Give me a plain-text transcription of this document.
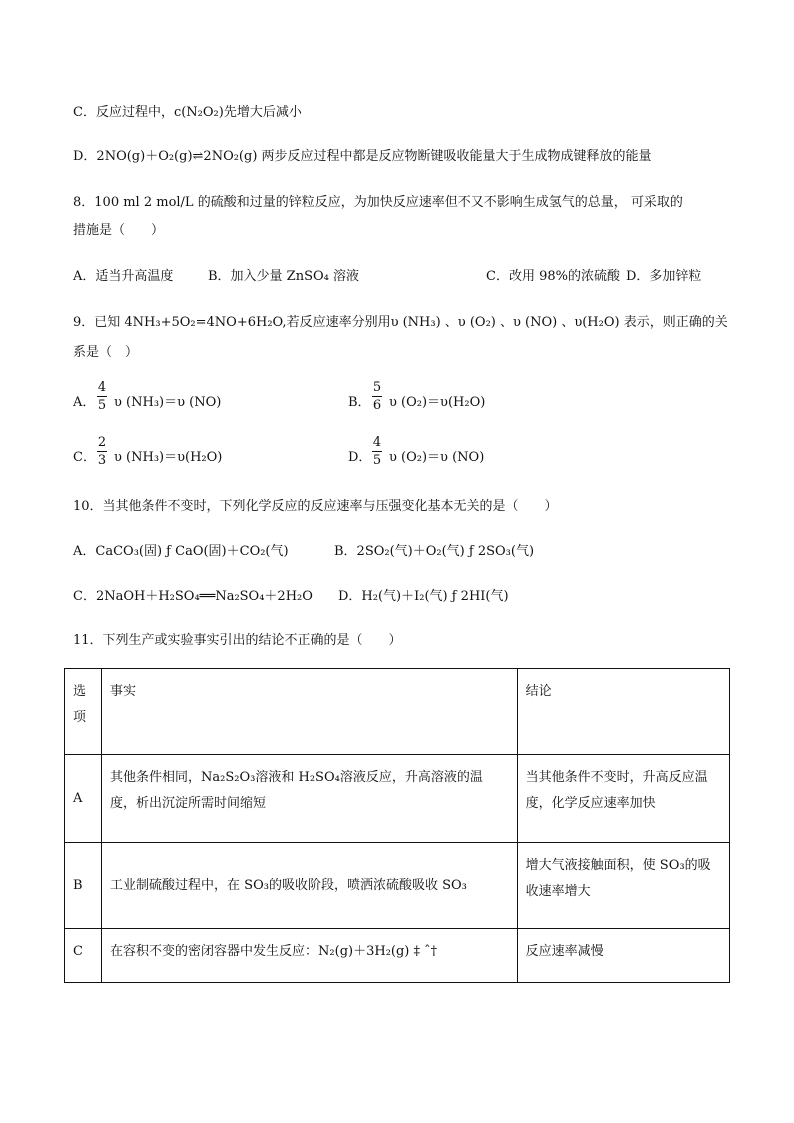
C．反应过程中，c(N₂O₂)先增大后减小
D．2NO(g)＋O₂(g)⇌2NO₂(g) 两步反应过程中都是反应物断键吸收能量大于生成物成键释放的能量
8．100 ml 2 mol/L 的硫酸和过量的锌粒反应，为加快反应速率但不又不影响生成氢气的总量， 可采取的
措施是（　　）
A．适当升高温度	B．加入少量 ZnSO₄ 溶液	C．改用 98%的浓硫酸 D．多加锌粒
9．已知 4NH₃+5O₂=4NO+6H₂O,若反应速率分别用υ (NH₃) 、υ (O₂) 、υ (NO) 、υ(H₂O) 表示，则正确的关
系是（　）
A．
4
5 υ (NH₃)＝υ (NO)	B．
5
6 υ (O₂)＝υ(H₂O)
C．
2
3 υ (NH₃)＝υ(H₂O)	D．
4
5 υ (O₂)＝υ (NO)
10．当其他条件不变时，下列化学反应的反应速率与压强变化基本无关的是（　　）
A．CaCO₃(固) ƒ CaO(固)＋CO₂(气)	B．2SO₂(气)＋O₂(气) ƒ 2SO₃(气)
C．2NaOH＋H₂SO₄══Na₂SO₄＋2H₂O D．H₂(气)＋I₂(气) ƒ 2HI(气)
11．下列生产或实验事实引出的结论不正确的是（　　）
选项	事实	结论
A	其他条件相同，Na₂S₂O₃溶液和 H₂SO₄溶液反应，升高溶液的温度，析出沉淀所需时间缩短	当其他条件不变时，升高反应温度，化学反应速率加快
B	工业制硫酸过程中，在 SO₃的吸收阶段，喷洒浓硫酸吸收 SO₃	增大气液接触面积，使 SO₃的吸收速率增大
C	在容积不变的密闭容器中发生反应：N₂(g)＋3H₂(g) ‡ ˆ†	反应速率减慢
